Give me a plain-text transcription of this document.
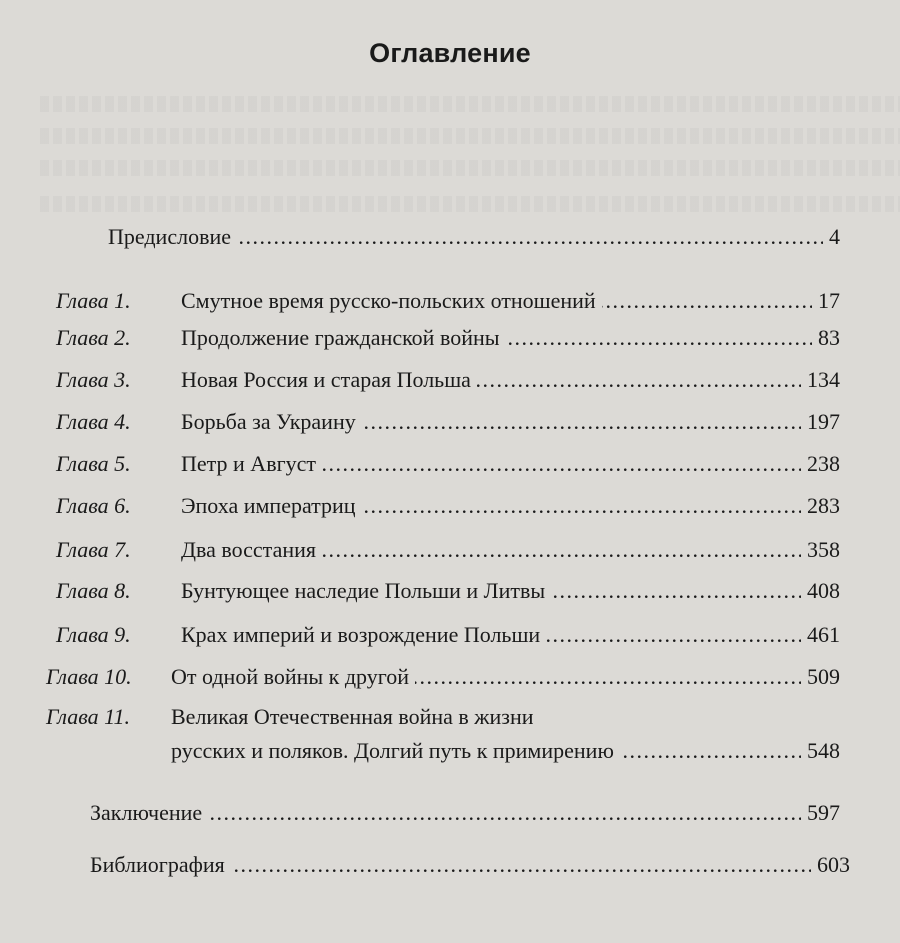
Оглавление
Предисловие . . .	4
Глава 1.	Смутное время русско-польских отношений . . .	17
Глава 2.	Продолжение гражданской войны . . .	83
Глава 3.	Новая Россия и старая Польша . . .	134
Глава 4.	Борьба за Украину . . .	197
Глава 5.	Петр и Август . . .	238
Глава 6.	Эпоха императриц . . .	283
Глава 7.	Два восстания . . .	358
Глава 8.	Бунтующее наследие Польши и Литвы . . .	408
Глава 9.	Крах империй и возрождение Польши . . .	461
Глава 10.	От одной войны к другой . . .	509
Глава 11.	Великая Отечественная война в жизни
русских и поляков. Долгий путь к примирению . . .	548
Заключение . . .	597
Библиография . . .	603
